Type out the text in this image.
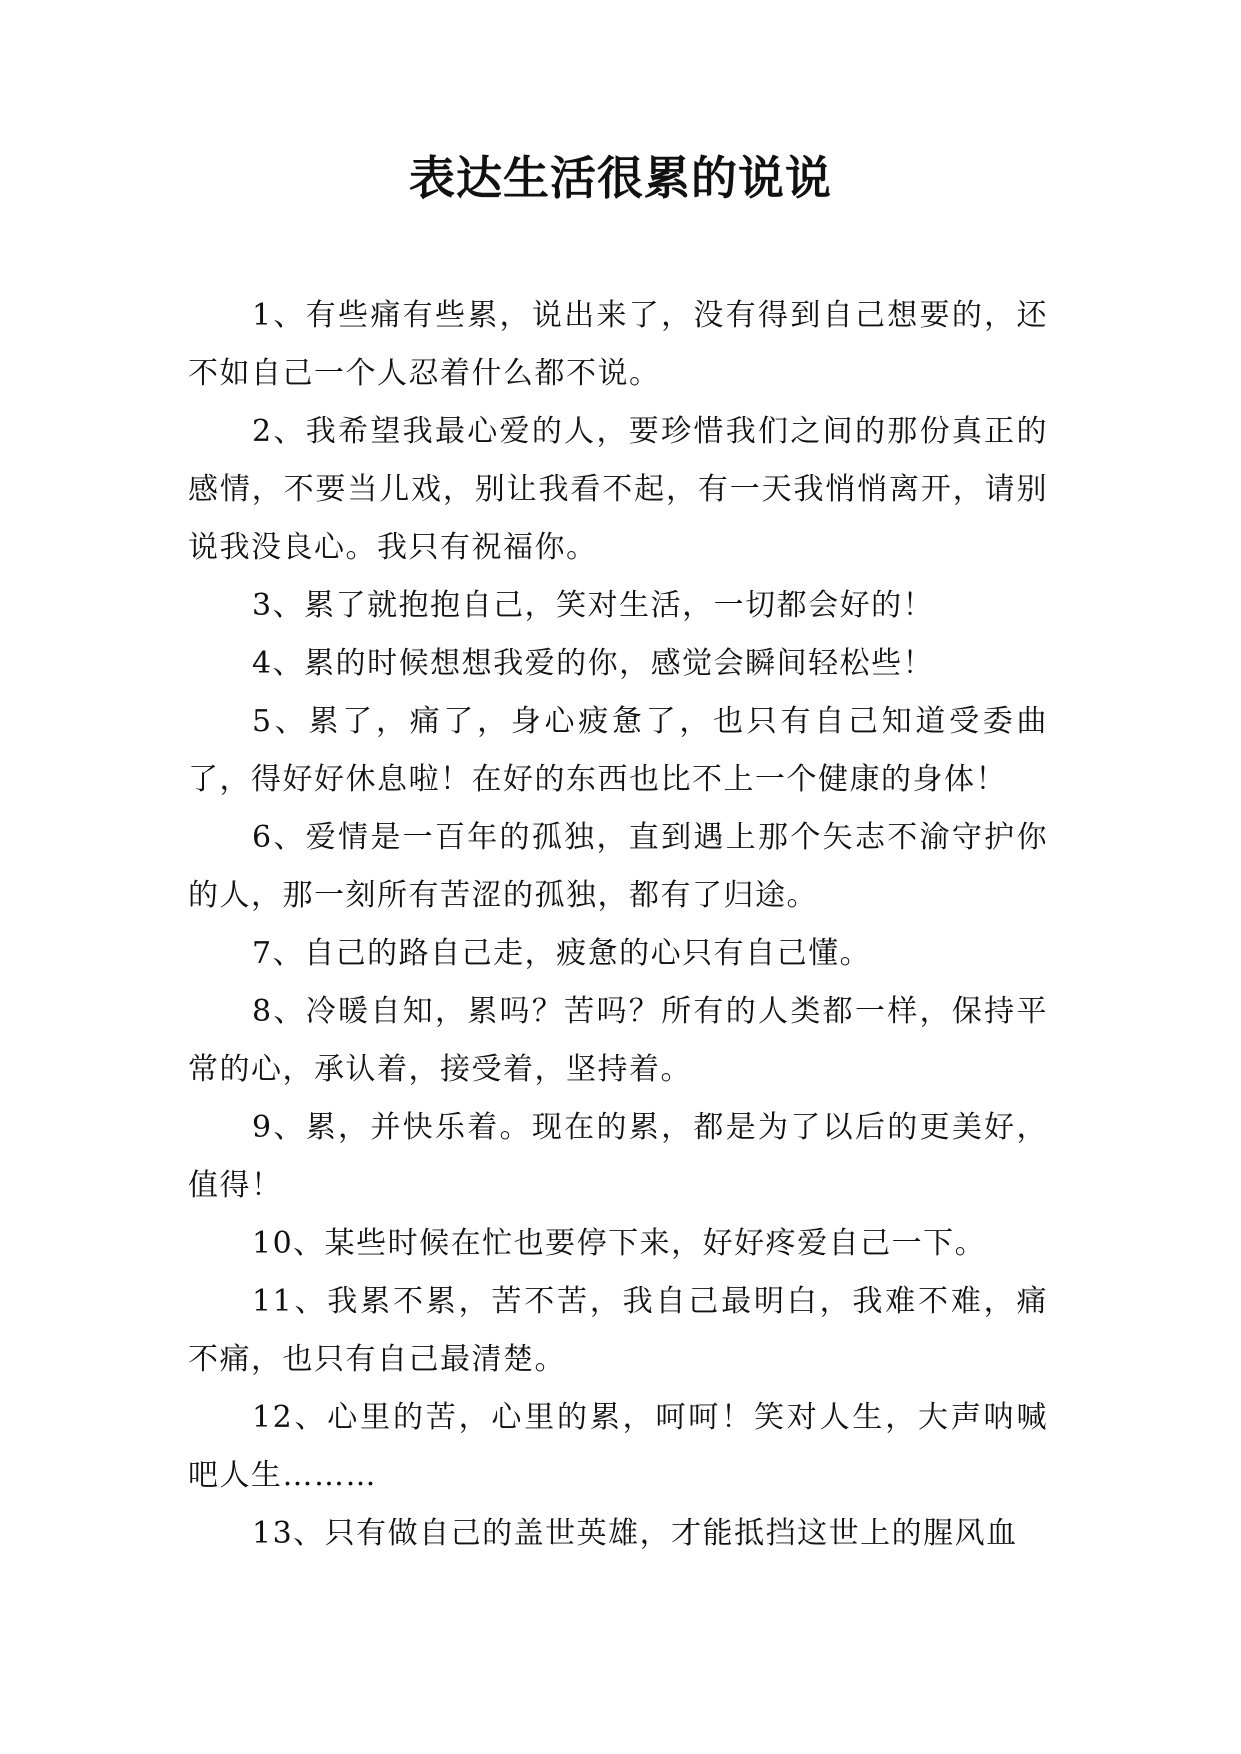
表达生活很累的说说

1、有些痛有些累，说出来了，没有得到自己想要的，还不如自己一个人忍着什么都不说。

2、我希望我最心爱的人，要珍惜我们之间的那份真正的感情，不要当儿戏，别让我看不起，有一天我悄悄离开，请别说我没良心。我只有祝福你。

3、累了就抱抱自己，笑对生活，一切都会好的！

4、累的时候想想我爱的你，感觉会瞬间轻松些！

5、累了，痛了，身心疲惫了，也只有自己知道受委曲了，得好好休息啦！在好的东西也比不上一个健康的身体！

6、爱情是一百年的孤独，直到遇上那个矢志不渝守护你的人，那一刻所有苦涩的孤独，都有了归途。

7、自己的路自己走，疲惫的心只有自己懂。

8、冷暖自知，累吗？苦吗？所有的人类都一样，保持平常的心，承认着，接受着，坚持着。

9、累，并快乐着。现在的累，都是为了以后的更美好，值得！

10、某些时候在忙也要停下来，好好疼爱自己一下。

11、我累不累，苦不苦，我自己最明白，我难不难，痛不痛，也只有自己最清楚。

12、心里的苦，心里的累，呵呵！笑对人生，大声呐喊吧人生………

13、只有做自己的盖世英雄，才能抵挡这世上的腥风血
